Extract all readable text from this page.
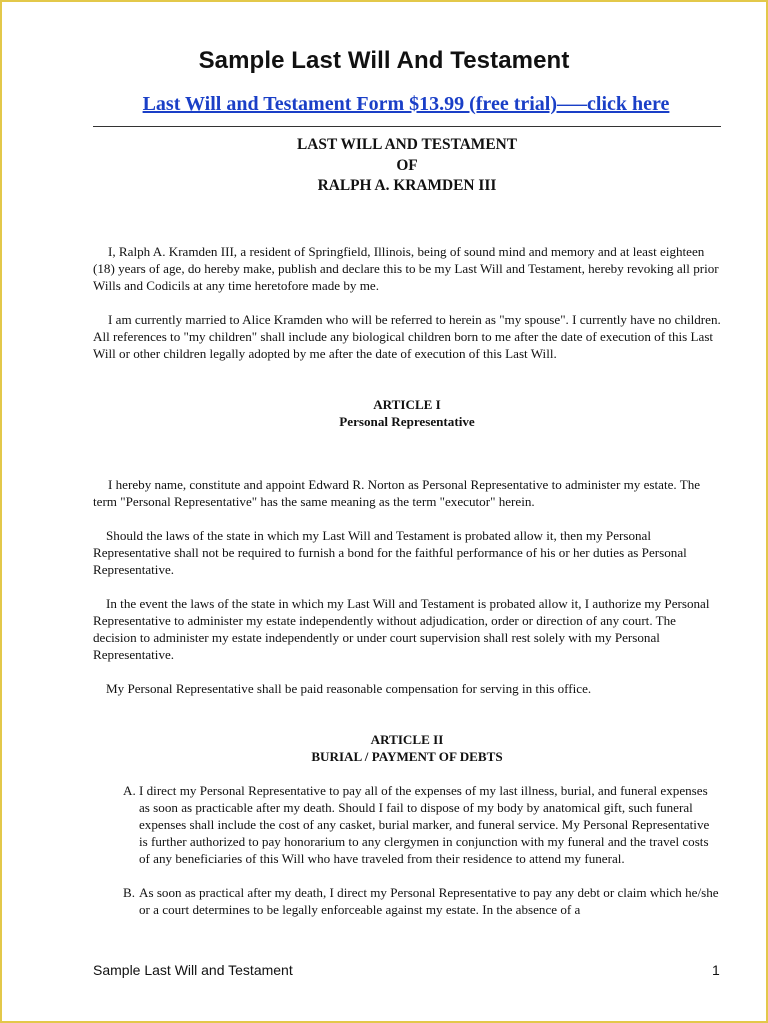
Sample Last Will And Testament
Last Will and Testament Form $13.99 (free trial)–––click here

LAST WILL AND TESTAMENT

OF

RALPH A. KRAMDEN III

I, Ralph A. Kramden III, a resident of Springfield, Illinois, being of sound mind and memory and at least eighteen (18) years of age, do hereby make, publish and declare this to be my Last Will and Testament, hereby revoking all prior Wills and Codicils at any time heretofore made by me.

I am currently married to Alice Kramden who will be referred to herein as "my spouse". I currently have no children. All references to "my children" shall include any biological children born to me after the date of execution of this Last Will or other children legally adopted by me after the date of execution of this Last Will.

ARTICLE I

Personal Representative

I hereby name, constitute and appoint Edward R. Norton as Personal Representative to administer my estate. The term "Personal Representative" has the same meaning as the term "executor" herein.

Should the laws of the state in which my Last Will and Testament is probated allow it, then my Personal Representative shall not be required to furnish a bond for the faithful performance of his or her duties as Personal Representative.

In the event the laws of the state in which my Last Will and Testament is probated allow it, I authorize my Personal Representative to administer my estate independently without adjudication, order or direction of any court. The decision to administer my estate independently or under court supervision shall rest solely with my Personal Representative.

My Personal Representative shall be paid reasonable compensation for serving in this office.

ARTICLE II

BURIAL / PAYMENT OF DEBTS

A. I direct my Personal Representative to pay all of the expenses of my last illness, burial, and funeral expenses as soon as practicable after my death. Should I fail to dispose of my body by anatomical gift, such funeral expenses shall include the cost of any casket, burial marker, and funeral service. My Personal Representative is further authorized to pay honorarium to any clergymen in conjunction with my funeral and the travel costs of any beneficiaries of this Will who have traveled from their residence to attend my funeral.
B. As soon as practical after my death, I direct my Personal Representative to pay any debt or claim which he/she or a court determines to be legally enforceable against my estate. In the absence of a
Sample Last Will and Testament	1
